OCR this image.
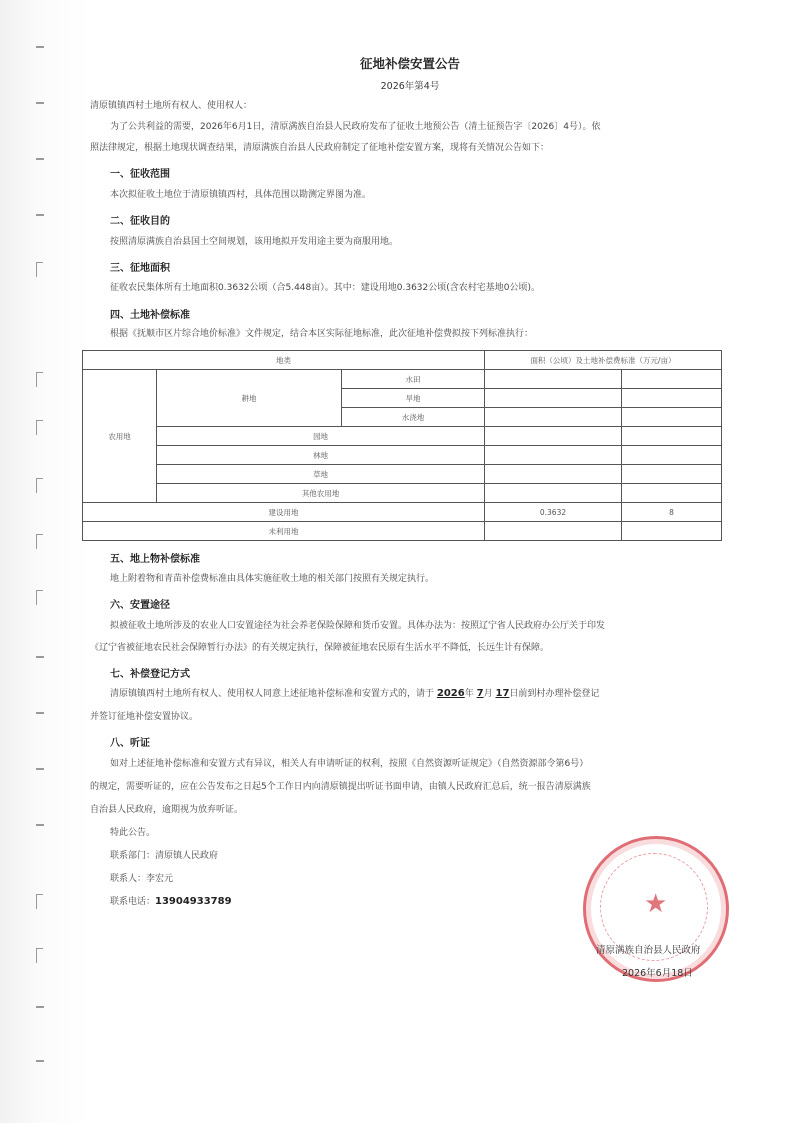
征地补偿安置公告
2026年第4号
清原镇镇西村土地所有权人、使用权人：
为了公共利益的需要，2026年6月1日，清原满族自治县人民政府发布了征收土地预公告（清土征预告字〔2026〕4号）。依
照法律规定，根据土地现状调查结果，清原满族自治县人民政府制定了征地补偿安置方案，现将有关情况公告如下：
一、征收范围
本次拟征收土地位于清原镇镇西村，具体范围以勘测定界图为准。
二、征收目的
按照清原满族自治县国土空间规划，该用地拟开发用途主要为商服用地。
三、征地面积
征收农民集体所有土地面积0.3632公顷（合5.448亩）。其中：建设用地0.3632公顷(含农村宅基地0公顷)。
四、土地补偿标准
根据《抚顺市区片综合地价标准》文件规定，结合本区实际征地标准，此次征地补偿费拟按下列标准执行：
地类			面积（公顷）及土地补偿费标准（万元/亩）	
农用地	耕地	水田		
		旱地		
		水浇地		
	园地			
	林地			
	草地			
	其他农用地			
建设用地			0.3632	8
未利用地				
五、地上物补偿标准
地上附着物和青苗补偿费标准由具体实施征收土地的相关部门按照有关规定执行。
六、安置途径
拟被征收土地所涉及的农业人口安置途径为社会养老保险保障和货币安置。具体办法为：按照辽宁省人民政府办公厅关于印发
《辽宁省被征地农民社会保障暂行办法》的有关规定执行，保障被征地农民原有生活水平不降低，长远生计有保障。
七、补偿登记方式
清原镇镇西村土地所有权人、使用权人同意上述征地补偿标准和安置方式的，请于 2026年 7月 17日前到村办理补偿登记
并签订征地补偿安置协议。
八、听证
如对上述征地补偿标准和安置方式有异议，相关人有申请听证的权利，按照《自然资源听证规定》（自然资源部令第6号）
的规定，需要听证的，应在公告发布之日起5个工作日内向清原镇提出听证书面申请，由镇人民政府汇总后，统一报告清原满族
自治县人民政府，逾期视为放弃听证。
特此公告。
联系部门：清原镇人民政府
联系人：李宏元
联系电话：13904933789	★
清原满族自治县人民政府
2026年6月18日
